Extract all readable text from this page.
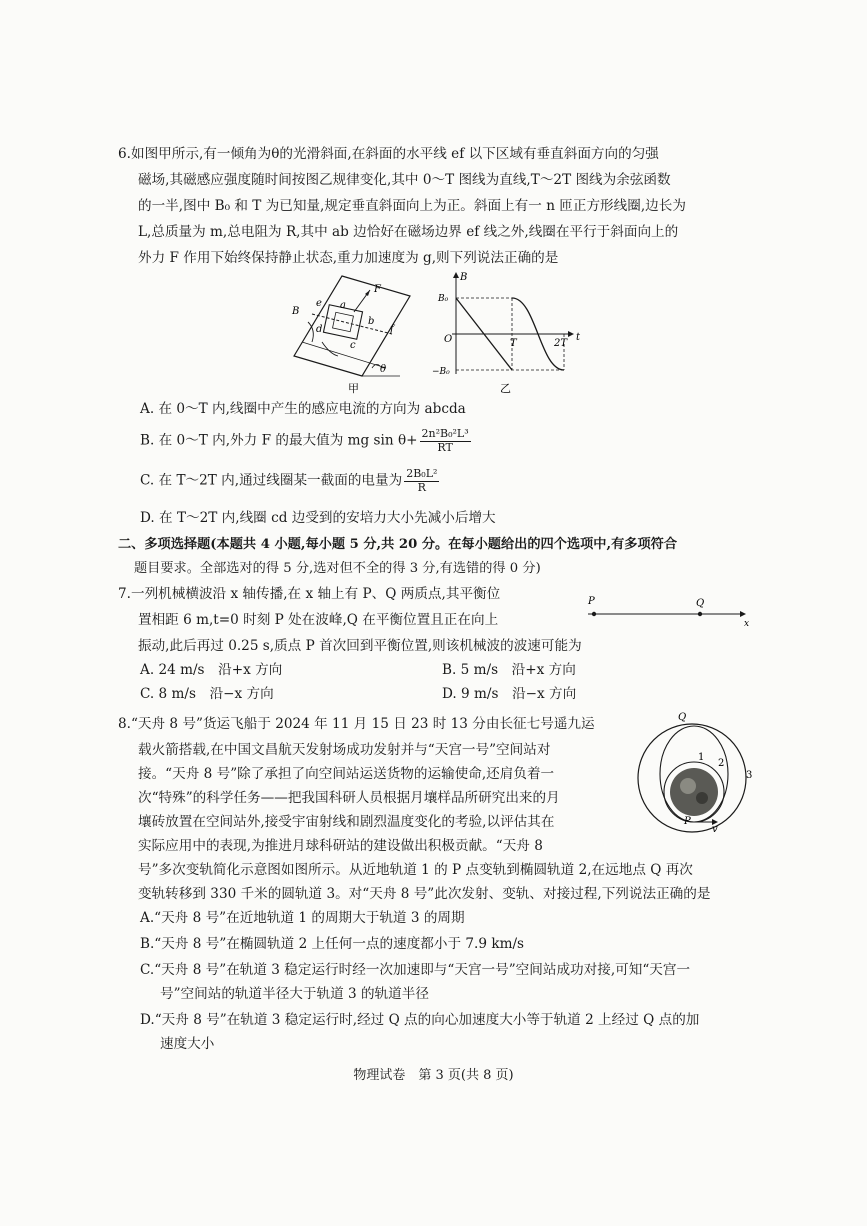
6.如图甲所示,有一倾角为θ的光滑斜面,在斜面的水平线 ef 以下区域有垂直斜面方向的匀强
磁场,其磁感应强度随时间按图乙规律变化,其中 0～T 图线为直线,T～2T 图线为余弦函数
的一半,图中 B₀ 和 T 为已知量,规定垂直斜面向上为正。斜面上有一 n 匝正方形线圈,边长为
L,总质量为 m,总电阻为 R,其中 ab 边恰好在磁场边界 ef 线之外,线圈在平行于斜面向上的
外力 F 作用下始终保持静止状态,重力加速度为 g,则下列说法正确的是
B
e a
F
b
f
d
c
θ
甲
B
B₀
O	T	2T
t
−B₀
乙
A. 在 0～T 内,线圈中产生的感应电流的方向为 abcda
B. 在 0～T 内,外力 F 的最大值为 mg $\sin \theta+ \frac{\text{2n²B₀²L³}}{RT}$
C. 在 T～2T 内,通过线圈某一截面的电量为 $\frac{\text{2B₀L²}}{R}$
D. 在 T～2T 内,线圈 cd 边受到的安培力大小先减小后增大
二、多项选择题(本题共 4 小题,每小题 5 分,共 20 分。在每小题给出的四个选项中,有多项符合
题目要求。全部选对的得 5 分,选对但不全的得 3 分,有选错的得 0 分)
7.一列机械横波沿 x 轴传播,在 x 轴上有 P、Q 两质点,其平衡位
置相距 6 m,t=0 时刻 P 处在波峰,Q 在平衡位置且正在向上
振动,此后再过 0.25 s,质点 P 首次回到平衡位置,则该机械波的波速可能为
P	Q
x
A. 24 m/s　沿+x 方向	B. 5 m/s　沿+x 方向
C. 8 m/s　沿−x 方向	D. 9 m/s　沿−x 方向
8.“天舟 8 号”货运飞船于 2024 年 11 月 15 日 23 时 13 分由长征七号遥九运
载火箭搭载,在中国文昌航天发射场成功发射并与“天宫一号”空间站对
接。“天舟 8 号”除了承担了向空间站运送货物的运输使命,还肩负着一
次“特殊”的科学任务——把我国科研人员根据月壤样品所研究出来的月
壤砖放置在空间站外,接受宇宙射线和剧烈温度变化的考验,以评估其在
实际应用中的表现,为推进月球科研站的建设做出积极贡献。“天舟 8
号”多次变轨简化示意图如图所示。从近地轨道 1 的 P 点变轨到椭圆轨道 2,在远地点 Q 再次
变轨转移到 330 千米的圆轨道 3。对“天舟 8 号”此次发射、变轨、对接过程,下列说法正确的是
Q
1
2
3
P
v
A.“天舟 8 号”在近地轨道 1 的周期大于轨道 3 的周期
B.“天舟 8 号”在椭圆轨道 2 上任何一点的速度都小于 7.9 km/s
C.“天舟 8 号”在轨道 3 稳定运行时经一次加速即与“天宫一号”空间站成功对接,可知“天宫一
号”空间站的轨道半径大于轨道 3 的轨道半径
D.“天舟 8 号”在轨道 3 稳定运行时,经过 Q 点的向心加速度大小等于轨道 2 上经过 Q 点的加
速度大小
物理试卷　第 3 页(共 8 页)
